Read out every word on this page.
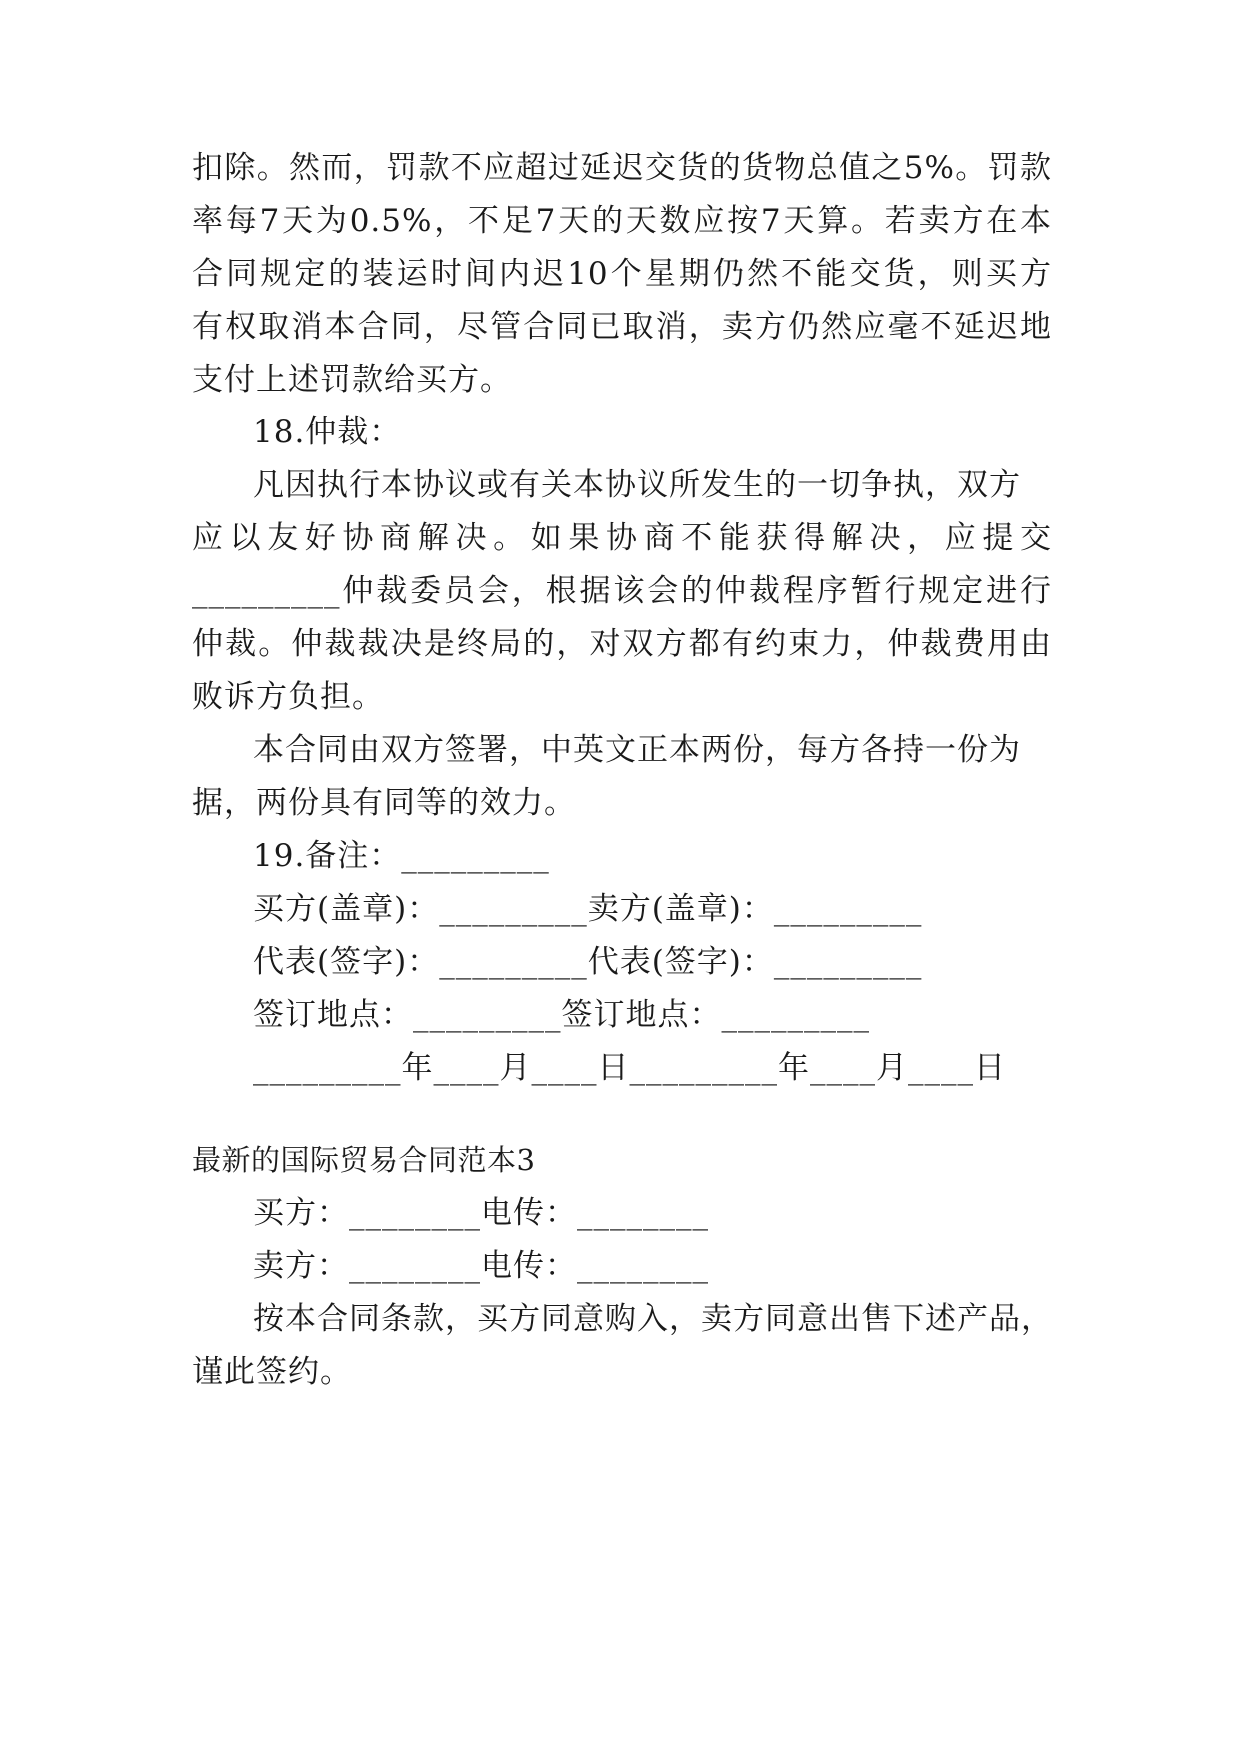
扣除。然而，罚款不应超过延迟交货的货物总值之5%。罚款
率每7天为0.5%，不足7天的天数应按7天算。若卖方在本
合同规定的装运时间内迟10个星期仍然不能交货，则买方
有权取消本合同，尽管合同已取消，卖方仍然应毫不延迟地
支付上述罚款给买方。
18.仲裁：
凡因执行本协议或有关本协议所发生的一切争执，双方
应以友好协商解决。如果协商不能获得解决，应提交
_________仲裁委员会，根据该会的仲裁程序暂行规定进行
仲裁。仲裁裁决是终局的，对双方都有约束力，仲裁费用由
败诉方负担。
本合同由双方签署，中英文正本两份，每方各持一份为
据，两份具有同等的效力。
19.备注：_________
买方(盖章)：_________卖方(盖章)：_________
代表(签字)：_________代表(签字)：_________
签订地点：_________签订地点：_________
_________年____月____日_________年____月____日
最新的国际贸易合同范本3
买方：________电传：________
卖方：________电传：________
按本合同条款，买方同意购入，卖方同意出售下述产品，
谨此签约。
